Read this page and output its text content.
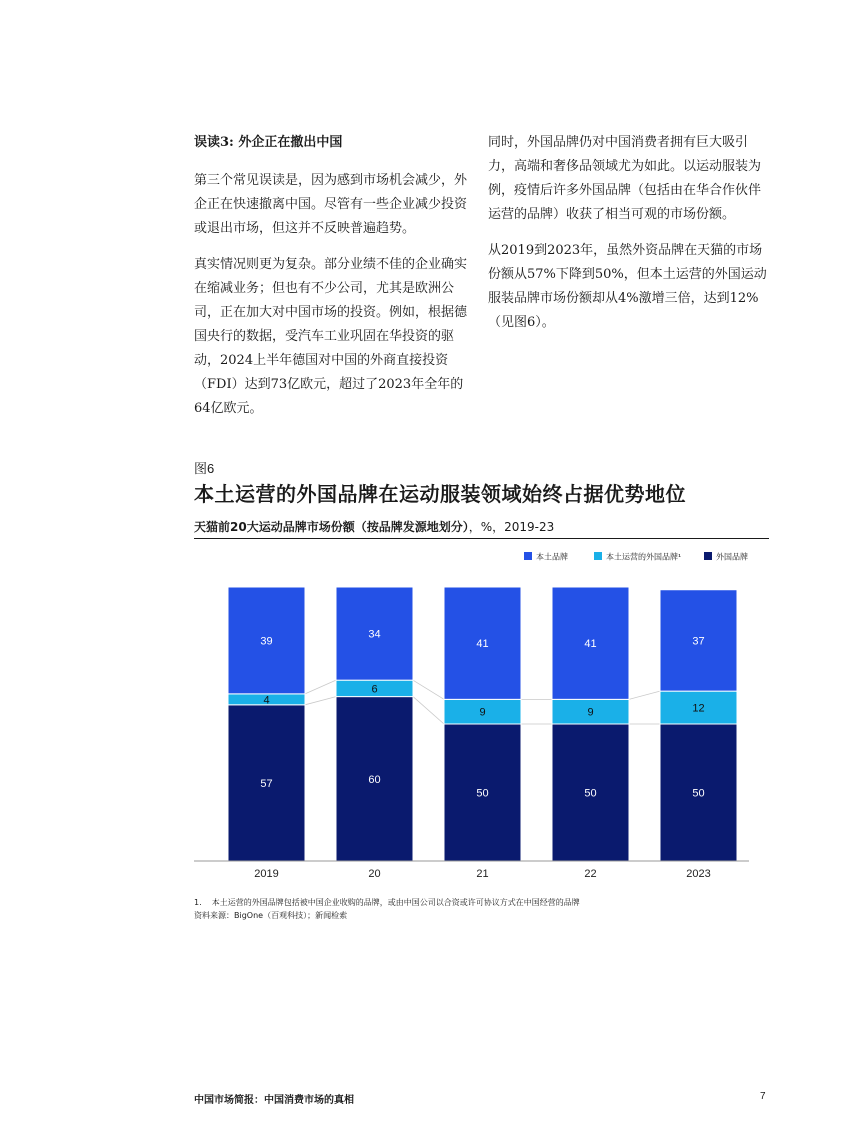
误读3: 外企正在撤出中国

第三个常见误读是，因为感到市场机会减少，外企正在快速撤离中国。尽管有一些企业减少投资或退出市场，但这并不反映普遍趋势。

真实情况则更为复杂。部分业绩不佳的企业确实在缩减业务；但也有不少公司，尤其是欧洲公司，正在加大对中国市场的投资。例如，根据德国央行的数据，受汽车工业巩固在华投资的驱动，2024上半年德国对中国的外商直接投资（FDI）达到73亿欧元，超过了2023年全年的64亿欧元。

同时，外国品牌仍对中国消费者拥有巨大吸引力，高端和奢侈品领域尤为如此。以运动服装为例，疫情后许多外国品牌（包括由在华合作伙伴运营的品牌）收获了相当可观的市场份额。

从2019到2023年，虽然外资品牌在天猫的市场份额从57%下降到50%，但本土运营的外国运动服装品牌市场份额却从4%激增三倍，达到12%（见图6）。

图6
本土运营的外国品牌在运动服装领域始终占据优势地位
天猫前20大运动品牌市场份额（按品牌发源地划分），%，2019-23
本土品牌	本土运营的外国品牌¹	外国品牌
57
4
39
60
6
34
50
9
41
50
9
41
50
12
37
2019	20	21	22	2023
1.    本土运营的外国品牌包括被中国企业收购的品牌，或由中国公司以合资或许可协议方式在中国经营的品牌
资料来源：BigOne（百观科技）；新闻检索
中国市场简报：中国消费市场的真相	7
